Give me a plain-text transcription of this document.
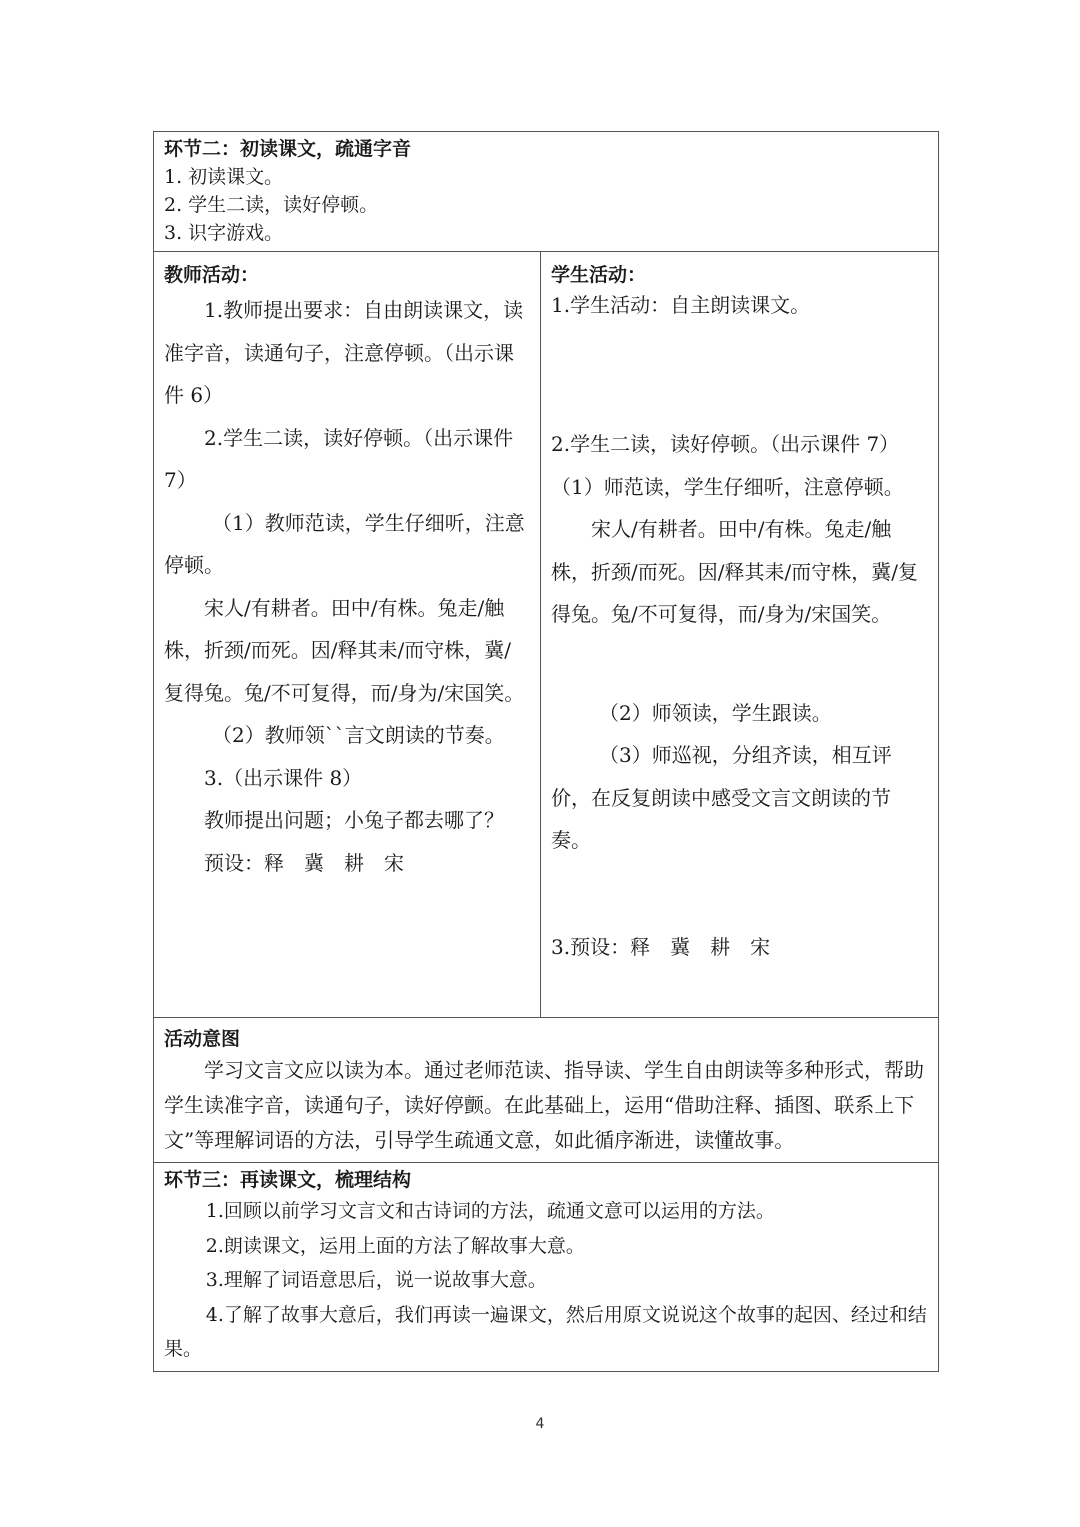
环节二：初读课文，疏通字音

1. 初读课文。

2. 学生二读，读好停顿。

3. 识字游戏。

教师活动：

1.教师提出要求：自由朗读课文，读准字音，读通句子，注意停顿。（出示课件 6）

2.学生二读，读好停顿。（出示课件 7）

（1）教师范读，学生仔细听，注意停顿。

宋人/有耕者。田中/有株。兔走/触株，折颈/而死。因/释其耒/而守株，冀/复得兔。兔/不可复得，而/身为/宋国笑。

（2）教师领``言文朗读的节奏。

3.（出示课件 8）

教师提出问题；小兔子都去哪了？

预设：释　冀　耕　宋

学生活动：

1.学生活动：自主朗读课文。

2.学生二读，读好停顿。（出示课件 7）

（1）师范读，学生仔细听，注意停顿。

宋人/有耕者。田中/有株。兔走/触株，折颈/而死。因/释其耒/而守株，冀/复得兔。兔/不可复得，而/身为/宋国笑。

（2）师领读，学生跟读。

（3）师巡视，分组齐读，相互评价，在反复朗读中感受文言文朗读的节奏。

3.预设：释　冀　耕　宋

活动意图

学习文言文应以读为本。通过老师范读、指导读、学生自由朗读等多种形式，帮助学生读准字音，读通句子，读好停颤。在此基础上，运用“借助注释、插图、联系上下文”等理解词语的方法，引导学生疏通文意，如此循序渐进，读懂故事。

环节三：再读课文，梳理结构

1.回顾以前学习文言文和古诗词的方法，疏通文意可以运用的方法。

2.朗读课文，运用上面的方法了解故事大意。

3.理解了词语意思后，说一说故事大意。

4.了解了故事大意后，我们再读一遍课文，然后用原文说说这个故事的起因、经过和结果。

4
